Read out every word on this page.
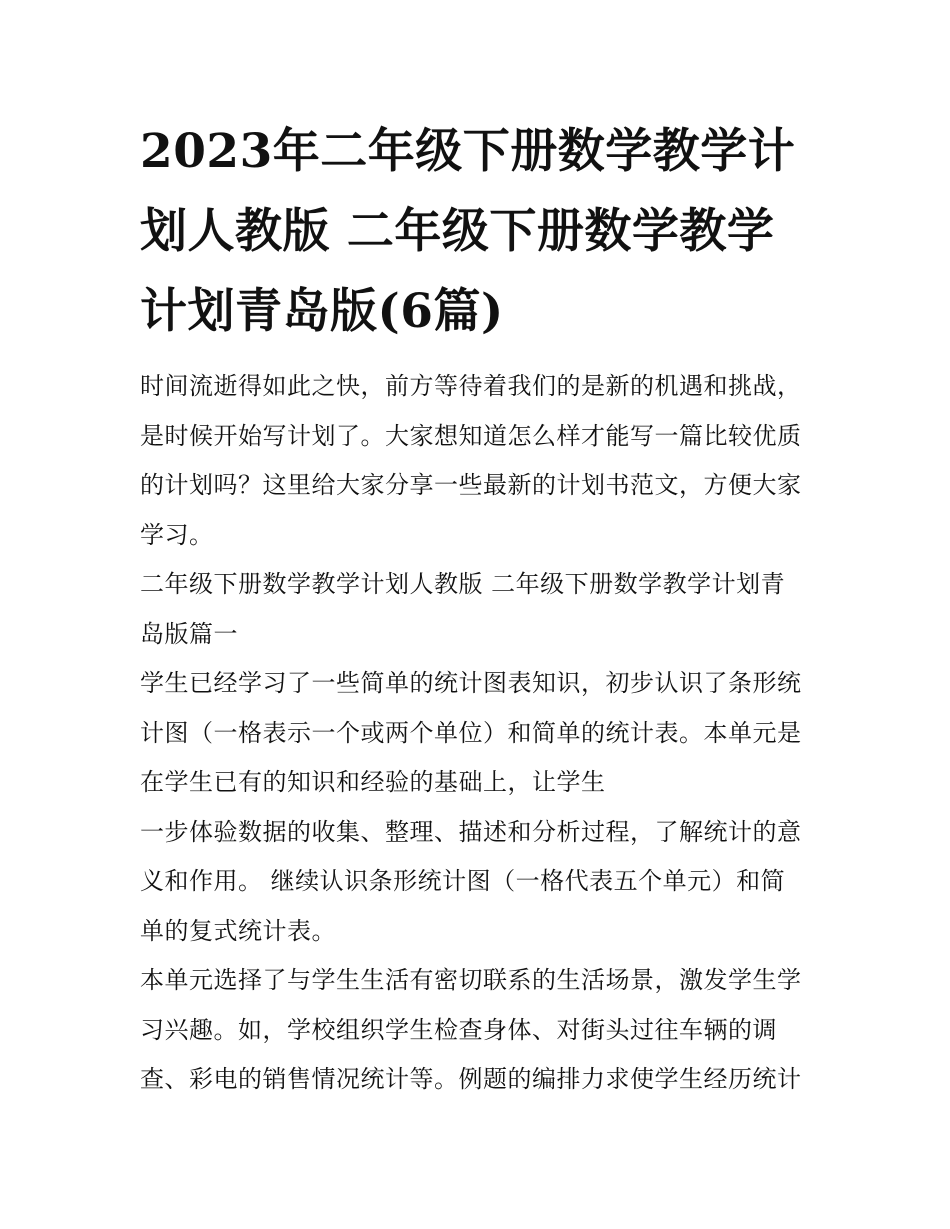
2023年二年级下册数学教学计
划人教版 二年级下册数学教学
计划青岛版(6篇)

时间流逝得如此之快，前方等待着我们的是新的机遇和挑战，
是时候开始写计划了。大家想知道怎么样才能写一篇比较优质
的计划吗？这里给大家分享一些最新的计划书范文，方便大家
学习。

二年级下册数学教学计划人教版 二年级下册数学教学计划青
岛版篇一

学生已经学习了一些简单的统计图表知识，初步认识了条形统
计图（一格表示一个或两个单位）和简单的统计表。本单元是
在学生已有的知识和经验的基础上，让学生

一步体验数据的收集、整理、描述和分析过程，了解统计的意
义和作用。 继续认识条形统计图（一格代表五个单元）和简
单的复式统计表。

本单元选择了与学生生活有密切联系的生活场景，激发学生学
习兴趣。如，学校组织学生检查身体、对街头过往车辆的调
查、彩电的销售情况统计等。例题的编排力求使学生经历统计
